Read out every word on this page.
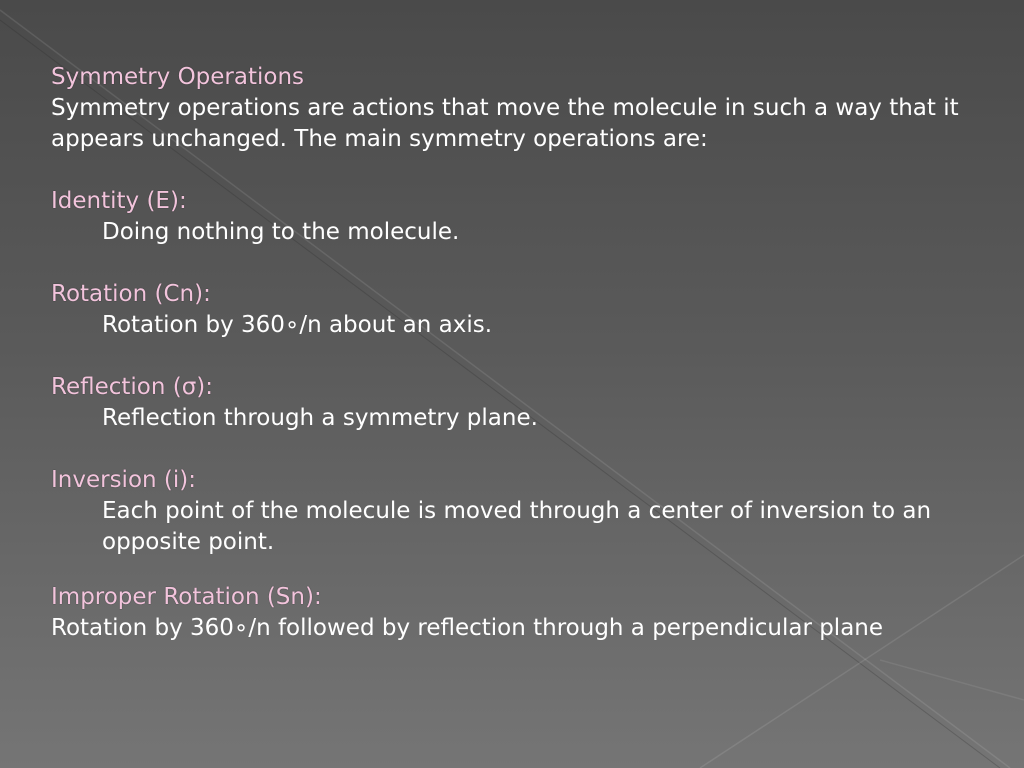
Symmetry Operations
Symmetry operations are actions that move the molecule in such a way that it appears unchanged. The main symmetry operations are:
Identity (E):
Doing nothing to the molecule.
Rotation (Cn):
Rotation by 360∘/n about an axis.
Reflection (σ):
Reflection through a symmetry plane.
Inversion (i):
Each point of the molecule is moved through a center of inversion to an opposite point.
Improper Rotation (Sn):
Rotation by 360∘/n followed by reflection through a perpendicular plane
